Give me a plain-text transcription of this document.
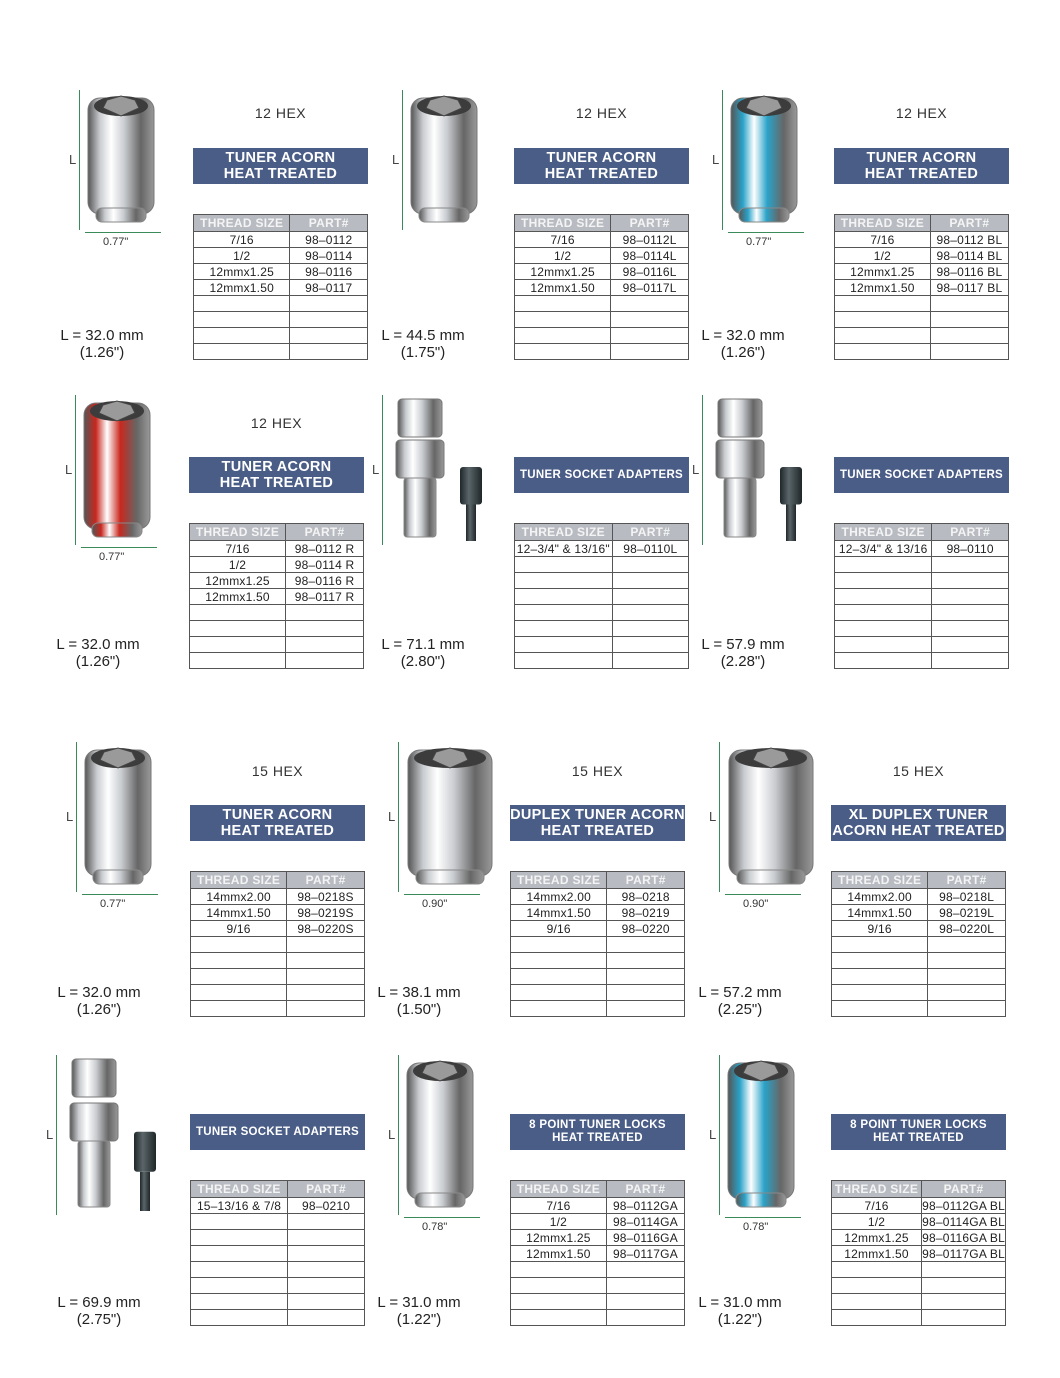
12 HEX
TUNER ACORN
HEAT TREATED
THREAD SIZE	PART#
7/16	98–0112
1/2	98–0114
12mmx1.25	98–0116
12mmx1.50	98–0117

L
0.77"
L = 32.0 mm
(1.26")
12 HEX
TUNER ACORN
HEAT TREATED
THREAD SIZE	PART#
7/16	98–0112L
1/2	98–0114L
12mmx1.25	98–0116L
12mmx1.50	98–0117L

L
L = 44.5 mm
(1.75")
12 HEX
TUNER ACORN
HEAT TREATED
THREAD SIZE	PART#
7/16	98–0112 BL
1/2	98–0114 BL
12mmx1.25	98–0116 BL
12mmx1.50	98–0117 BL

L
0.77"
L = 32.0 mm
(1.26")
12 HEX
TUNER ACORN
HEAT TREATED
THREAD SIZE	PART#
7/16	98–0112 R
1/2	98–0114 R
12mmx1.25	98–0116 R
12mmx1.50	98–0117 R

L
0.77"
L = 32.0 mm
(1.26")
TUNER SOCKET ADAPTERS
THREAD SIZE	PART#
12–3/4" & 13/16"	98–0110L

L
L = 71.1 mm
(2.80")
TUNER SOCKET ADAPTERS
THREAD SIZE	PART#
12–3/4" & 13/16	98–0110

L
L = 57.9 mm
(2.28")
15 HEX
TUNER ACORN
HEAT TREATED
THREAD SIZE	PART#
14mmx2.00	98–0218S
14mmx1.50	98–0219S
9/16	98–0220S

L
0.77"
L = 32.0 mm
(1.26")
15 HEX
DUPLEX TUNER ACORN
HEAT TREATED
THREAD SIZE	PART#
14mmx2.00	98–0218
14mmx1.50	98–0219
9/16	98–0220

L
0.90"
L = 38.1 mm
(1.50")
15 HEX
XL DUPLEX TUNER
ACORN HEAT TREATED
THREAD SIZE	PART#
14mmx2.00	98–0218L
14mmx1.50	98–0219L
9/16	98–0220L

L
0.90"
L = 57.2 mm
(2.25")
TUNER SOCKET ADAPTERS
THREAD SIZE	PART#
15–13/16 & 7/8	98–0210

L
L = 69.9 mm
(2.75")
8 POINT TUNER LOCKS
HEAT TREATED
THREAD SIZE	PART#
7/16	98–0112GA
1/2	98–0114GA
12mmx1.25	98–0116GA
12mmx1.50	98–0117GA

L
0.78"
L = 31.0 mm
(1.22")
8 POINT TUNER LOCKS
HEAT TREATED
THREAD SIZE	PART#
7/16	98–0112GA BL
1/2	98–0114GA BL
12mmx1.25	98–0116GA BL
12mmx1.50	98–0117GA BL

L
0.78"
L = 31.0 mm
(1.22")
